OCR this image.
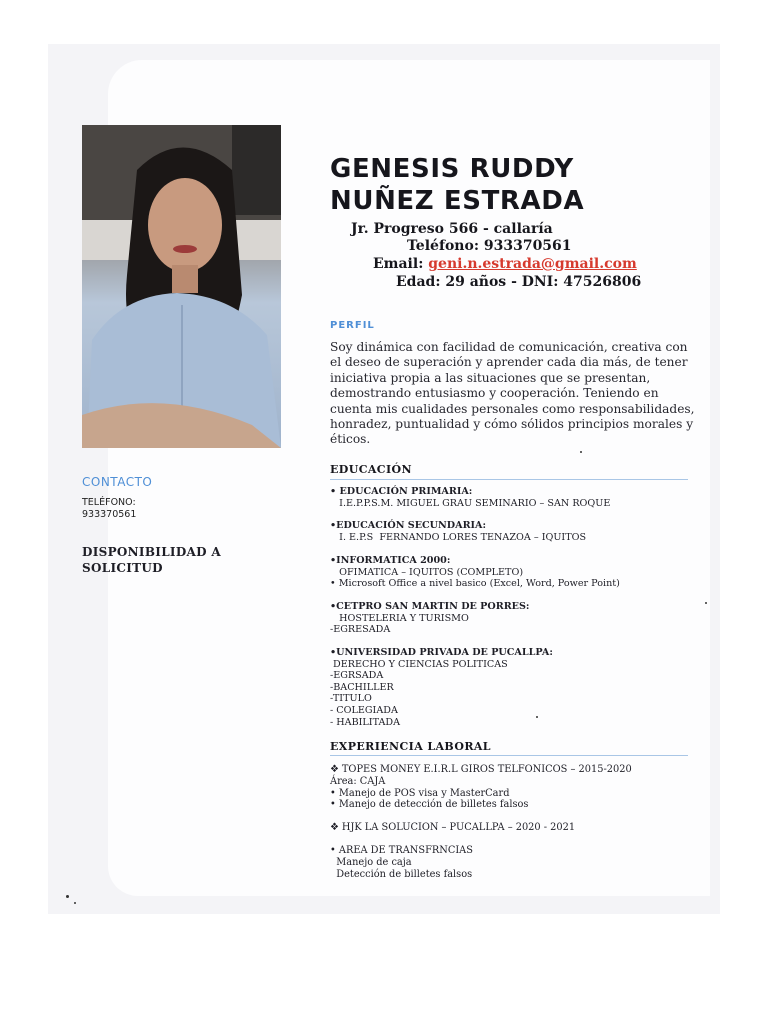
CONTACTO
TELÉFONO:
933370561
DISPONIBILIDAD A
SOLICITUD
GENESIS RUDDY
NUÑEZ ESTRADA
Jr. Progreso 566 - callaría
Teléfono: 933370561
Email: geni.n.estrada@gmail.com
Edad: 29 años - DNI: 47526806
PERFIL
Soy dinámica con facilidad de comunicación, creativa con el deseo de superación y aprender cada dia más, de tener iniciativa propia a las situaciones que se presentan, demostrando entusiasmo y cooperación. Teniendo en cuenta mis cualidades personales como responsabilidades, honradez, puntualidad y cómo sólidos principios morales y éticos.
EDUCACIÓN
• EDUCACIÓN PRIMARIA:
I.E.P.P.S.M. MIGUEL GRAU SEMINARIO – SAN ROQUE
•EDUCACIÓN SECUNDARIA:
I. E.P.S  FERNANDO LORES TENAZOA – IQUITOS
•INFORMATICA 2000:
OFIMATICA – IQUITOS (COMPLETO)
• Microsoft Office a nivel basico (Excel, Word, Power Point)
•CETPRO SAN MARTIN DE PORRES:
HOSTELERIA Y TURISMO
-EGRESADA
•UNIVERSIDAD PRIVADA DE PUCALLPA:
DERECHO Y CIENCIAS POLITICAS
-EGRSADA
-BACHILLER
-TITULO
- COLEGIADA
- HABILITADA
EXPERIENCIA LABORAL
❖ TOPES MONEY E.I.R.L GIROS TELFONICOS – 2015-2020
Área: CAJA
• Manejo de POS visa y MasterCard
• Manejo de detección de billetes falsos
❖ HJK LA SOLUCION – PUCALLPA – 2020 - 2021
• AREA DE TRANSFRNCIAS
Manejo de caja
Detección de billetes falsos
